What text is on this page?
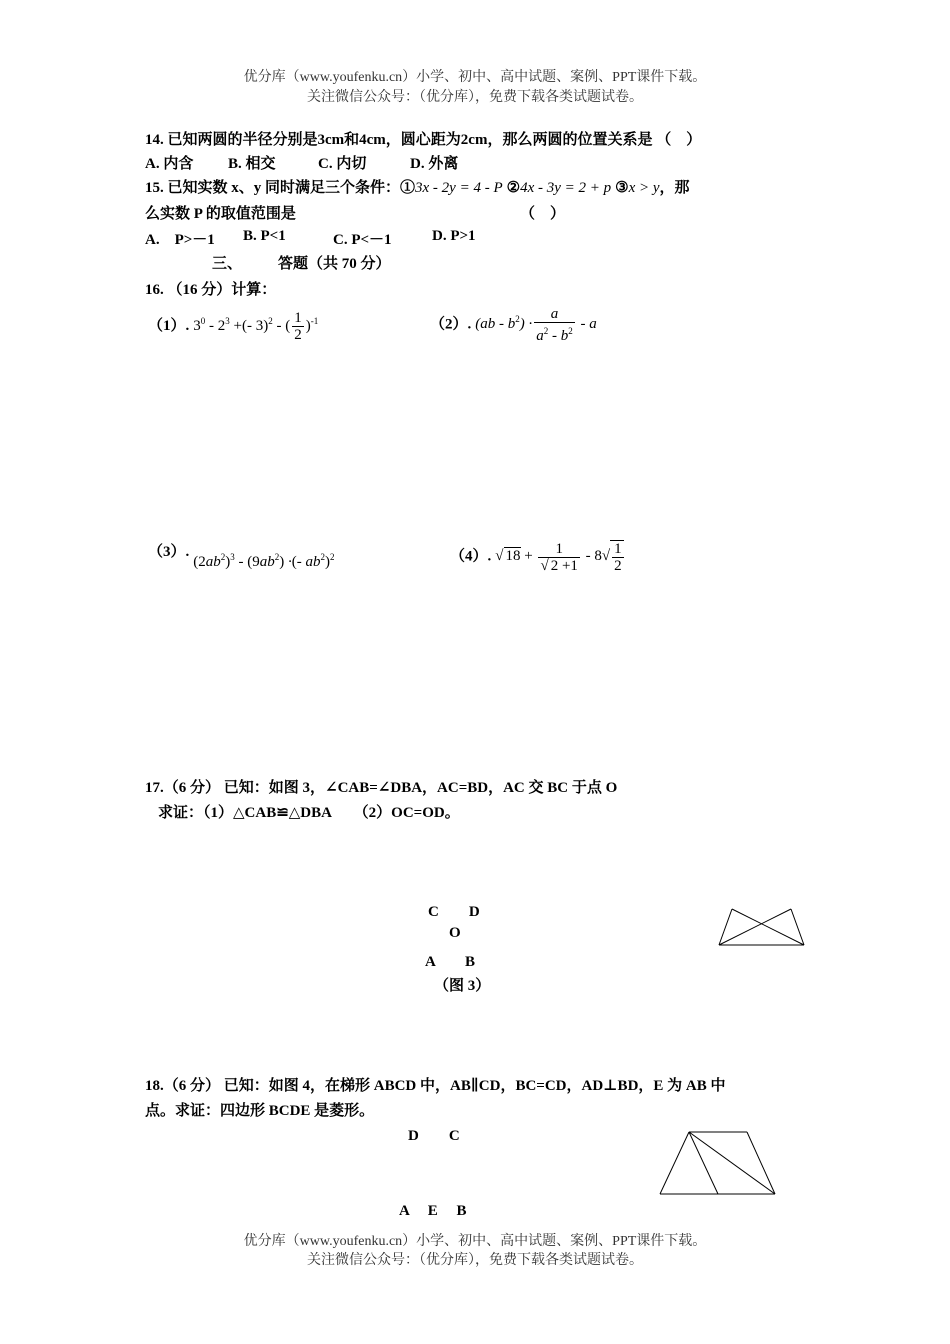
优分库（www.youfenku.cn）小学、初中、高中试题、案例、PPT课件下载。
关注微信公众号：（优分库），免费下载各类试题试卷。
14. 已知两圆的半径分别是3cm和4cm，圆心距为2cm，那么两圆的位置关系是 （　）
A. 内含 B. 相交	C. 内切	D. 外离
15. 已知实数 x、y 同时满足三个条件：①3x - 2y = 4 - P ②4x - 3y = 2 + p ③x > y，那
么实数 P 的取值范围是	（　）
A.　P>－1 B. P<1	C. P<－1	D. P>1
三、 答题（共 70 分）
16. （16 分）计算：
（1）. $3^0 - 2^3$ +(- 3)$^2$ - ( $\frac{1}{2} )^{-1}$	（2）. $(ab - b^2) \cdot \frac{a}{a^2 - b^2} - a$
（3）. $(2ab^2)^3 - (9ab^2)$ ·(- $ab^2)^2$	（4）. √ $18 + \frac{1}{√ 2 +1} - 8√ \frac{1}{2}$
17.（6 分） 已知：如图 3，∠CAB=∠DBA，AC=BD，AC 交 BC 于点 O
求证：（1）△CAB≌△DBA　　（2）OC=OD。
C　　D
O
A　　B
（图 3）
18.（6 分） 已知：如图 4，在梯形 ABCD 中，AB∥CD，BC=CD，AD⊥BD，E 为 AB 中
点。求证：四边形 BCDE 是菱形。
D　　C
A　 E　 B
优分库（www.youfenku.cn）小学、初中、高中试题、案例、PPT课件下载。
关注微信公众号：（优分库），免费下载各类试题试卷。
